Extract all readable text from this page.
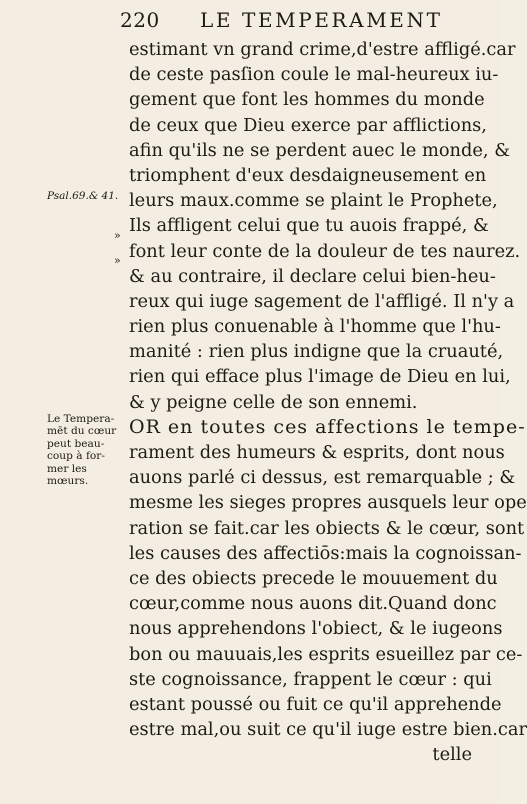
220 LE TEMPERAMENT
Psal.69.& 41.
»
»
Le Tempera-
mēt du cœur
peut beau-
coup à for-
mer les
mœurs.
estimant vn grand crime,d'estre affligé.car
de ceste pasſion coule le mal-heureux iu-
gement que font les hommes du monde
de ceux que Dieu exerce par afflictions,
afin qu'ils ne se perdent auec le monde, &
triomphent d'eux desdaigneusement en
leurs maux.comme se plaint le Prophete,
Ils affligent celui que tu auois frappé, &
font leur conte de la douleur de tes naurez.
& au contraire, il declare celui bien-heu-
reux qui iuge sagement de l'affligé. Il n'y a
rien plus conuenable à l'homme que l'hu-
manité : rien plus indigne que la cruauté,
rien qui efface plus l'image de Dieu en lui,
& y peigne celle de son ennemi.
OR en toutes ces affections le tempe-
rament des humeurs & esprits, dont nous
auons parlé ci dessus, est remarquable ; &
mesme les sieges propres ausquels leur ope
ration se fait.car les obiects & le cœur, sont
les causes des affectiōs:mais la cognoissan-
ce des obiects precede le mouuement du
cœur,comme nous auons dit.Quand donc
nous apprehendons l'obiect, & le iugeons
bon ou mauuais,les esprits esueillez par ce-
ste cognoissance, frappent le cœur : qui
estant poussé ou fuit ce qu'il apprehende
estre mal,ou suit ce qu'il iuge estre bien.car
telle
